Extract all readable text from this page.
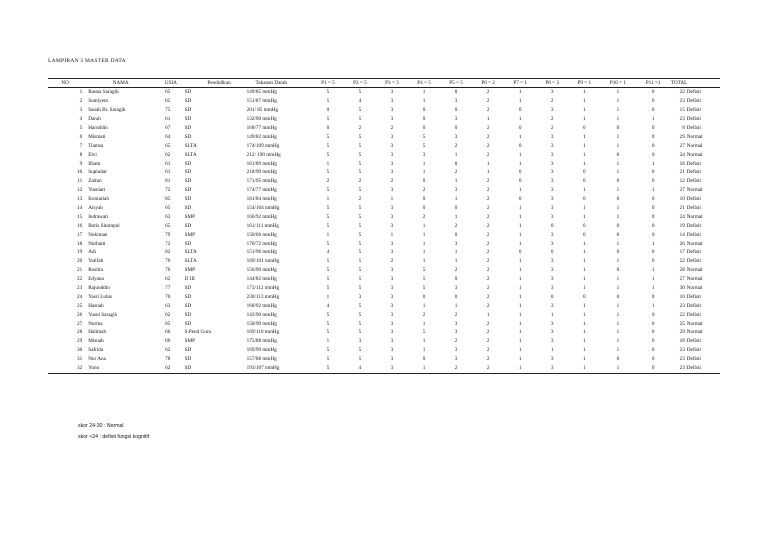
LAMPIRAN 3 MASTER DATA
NO	NAMA	USIA	Pendidikan	Tekanan Darah	P1 = 5	P2 = 5	P3 = 3	P4 = 5	P5 = 5	P6 = 2	P7 = 1	P8 = 3	P9 = 1	P10 = 1	P11 =1	TOTAL
1	Rauna Saragih	65	SD	149/85 mmHg	5	5	3	1	0	2	1	3	1	1	0	22 Defisit
2	Sumiyem	65	SD	151/87 mmHg	5	4	3	1	3	2	1	2	1	1	0	23 Defisit
3	Sanah Br. Saragih	75	SD	201/ 85 mmHg	0	5	3	0	0	2	0	3	1	1	0	15 Defisit
4	Darah	61	SD	132/90 mmHg	5	5	3	0	3	1	1	2	1	1	1	23 Defisit
5	Haruddin	67	SD	168/77 mmHg	0	2	2	0	0	2	0	2	0	0	0	8 Defisit
6	Mismati	64	SD	149/82 mmHg	5	5	3	5	3	2	1	3	1	1	0	29 Normal
7	Tiamsa	65	SLTA	174/109 mmHg	5	5	3	5	2	2	0	3	1	1	0	27 Normal
8	Elvi	62	SLTA	212/ 190 mmHg	5	5	3	3	1	2	1	3	1	0	0	24 Normal
9	Ilham	61	SD	161/89 mmHg	1	5	3	1	0	1	1	3	1	1	1	18 Defisit
10	Supiudar	61	SD	218/90 mmHg	5	5	3	1	2	1	0	3	0	1	0	21 Defisit
11	Zaitun	81	SD	171/95 mmHg	2	2	2	0	1	2	0	3	0	0	0	12 Defisit
12	Yusniati	72	SD	174/77 mmHg	5	5	3	2	3	2	1	3	1	1	1	27 Normal
13	Komariah	85	SD	181/84 mmHg	1	2	1	0	1	2	0	3	0	0	0	10 Defisit
14	Aisyah	65	SD	154/104 mmHg	5	5	3	0	0	2	1	3	1	1	0	21 Defisit
15	Indrawati	63	SMP	166/92 mmHg	5	5	3	2	1	2	1	3	1	1	0	24 Normal
16	Boris Sitompul	65	SD	161/111 mmHg	5	5	3	1	2	2	1	0	0	0	0	19 Defisit
17	Nokiman	79	SMP	150/66 mmHg	1	5	1	1	0	2	1	3	0	0	0	14 Defisit
18	Nurbaiti	72	SD	170/72 mmHg	5	5	3	1	3	2	1	3	1	1	1	26 Normal
19	Adi	82	SLTA	151/96 mmHg	4	5	3	1	1	2	0	0	1	0	0	17 Defisit
20	Yatifah	76	SLTA	169/101 mmHg	5	5	2	1	1	2	1	3	1	1	0	22 Defisit
21	Roslita	70	SMP	156/90 mmHg	5	5	3	5	2	2	1	3	1	0	1	28 Normal
22	Edyana	62	D III	144/82 mmHg	5	5	3	5	0	2	1	3	1	1	1	27 Normal
23	Rajuuddin	77	SD	173/112 mmHg	5	5	3	5	3	2	1	3	1	1	1	30 Normal
24	Yasri Lubis	70	SD	230/113 mmHg	1	3	3	0	0	2	1	0	0	0	0	10 Defisit
25	Hasnah	63	SD	168/92 mmHg	4	5	3	1	1	2	1	3	1	1	1	23 Defisit
26	Yusni Saragih	62	SD	143/90 mmHg	5	5	3	2	2	1	1	1	1	1	0	22 Defisit
27	Norma	85	SD	158/90 mmHg	5	5	3	1	3	2	1	3	1	1	0	25 Normal
28	Halimah	60	S.Pend Guru	169/110 mmHg	5	5	3	5	3	2	1	3	1	1	0	29 Normal
29	Misnah	66	SMP	175/88 mmHg	1	3	3	1	2	2	1	3	1	1	0	18 Defisit
30	Safrida	62	SD	169/99 mmHg	5	5	3	1	3	2	1	1	1	1	0	23 Defisit
31	Nur Ana	78	SD	157/88 mmHg	5	5	3	0	3	2	1	3	1	0	0	23 Defisit
32	Yono	62	SD	193/107 mmHg	5	4	3	1	2	2	1	3	1	1	0	23 Defisit
skor 24-30 : Normal
skor <24 : defisit fungsi kognitif
